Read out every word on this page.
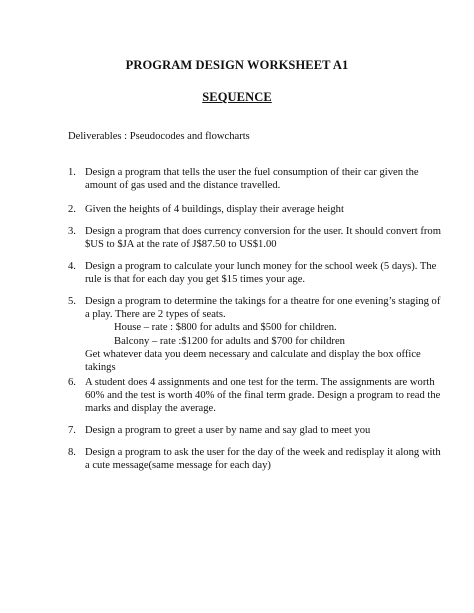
PROGRAM DESIGN WORKSHEET A1
SEQUENCE
Deliverables : Pseudocodes and flowcharts
1. Design a program that tells the user the fuel consumption of their car given the
amount of gas used and the distance travelled.
2. Given the heights of 4 buildings, display their average height
3. Design a program that does currency conversion for the user. It should convert from
$US to $JA at the rate of J$87.50 to US$1.00
4. Design a program to calculate your lunch money for the school week (5 days). The
rule is that for each day you get $15 times your age.
5. Design a program to determine the takings for a theatre for one evening’s staging of
a play. There are 2 types of seats.
House – rate : $800 for adults and $500 for children.
Balcony – rate :$1200 for adults and $700 for children
Get whatever data you deem necessary and calculate and display the box office
takings
6. A student does 4 assignments and one test for the term. The assignments are worth
60% and the test is worth 40% of the final term grade. Design a program to read the
marks and display the average.
7. Design a program to greet a user by name and say glad to meet you
8. Design a program to ask the user for the day of the week and redisplay it along with
a cute message(same message for each day)
